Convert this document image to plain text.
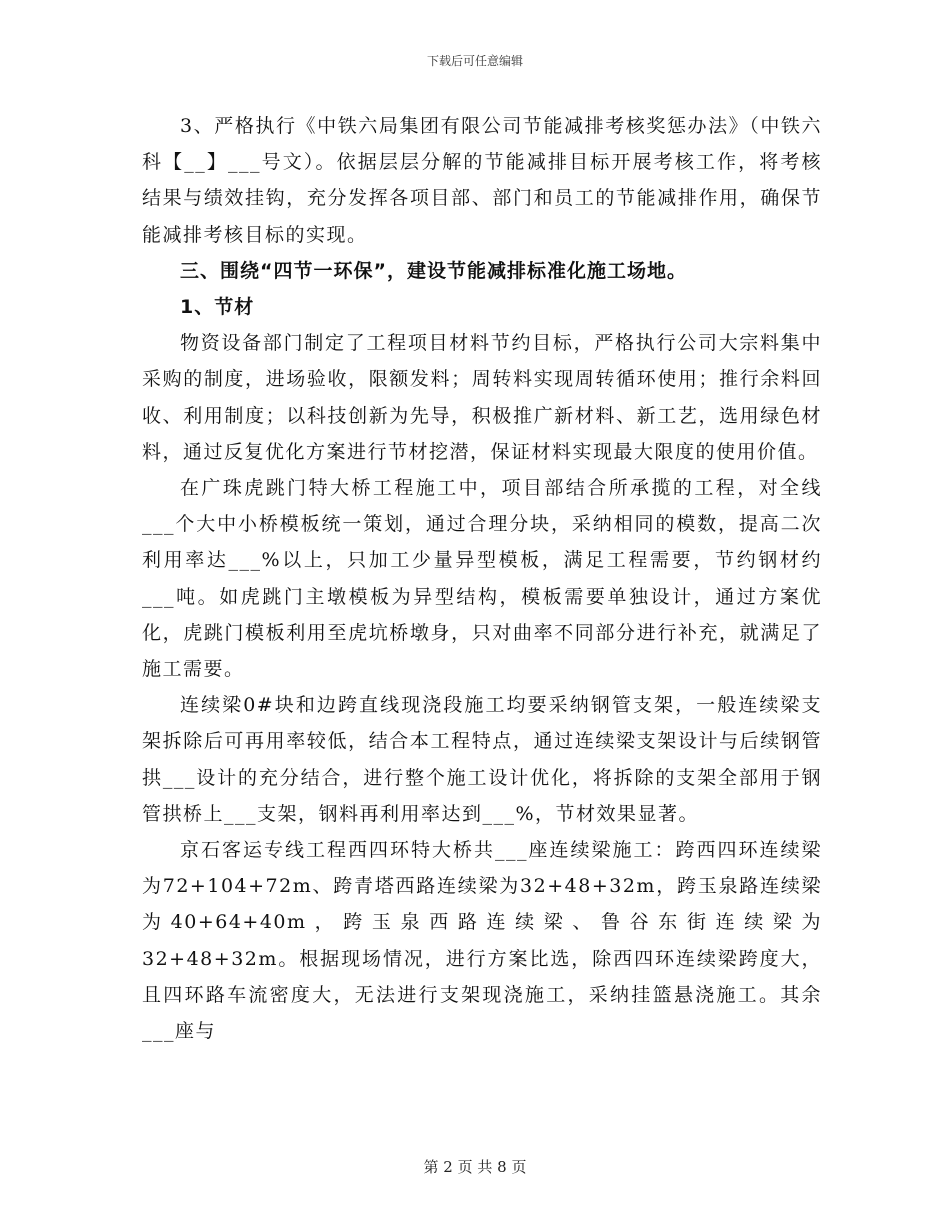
下载后可任意编辑

3、严格执行《中铁六局集团有限公司节能减排考核奖惩办法》（中铁六科【__】___号文）。依据层层分解的节能减排目标开展考核工作，将考核结果与绩效挂钩，充分发挥各项目部、部门和员工的节能减排作用，确保节能减排考核目标的实现。

三、围绕“四节一环保”，建设节能减排标准化施工场地。

1、节材

物资设备部门制定了工程项目材料节约目标，严格执行公司大宗料集中采购的制度，进场验收，限额发料；周转料实现周转循环使用；推行余料回收、利用制度；以科技创新为先导，积极推广新材料、新工艺，选用绿色材料，通过反复优化方案进行节材挖潜，保证材料实现最大限度的使用价值。

在广珠虎跳门特大桥工程施工中，项目部结合所承揽的工程，对全线___个大中小桥模板统一策划，通过合理分块，采纳相同的模数，提高二次利用率达___%以上，只加工少量异型模板，满足工程需要，节约钢材约___吨。如虎跳门主墩模板为异型结构，模板需要单独设计，通过方案优化，虎跳门模板利用至虎坑桥墩身，只对曲率不同部分进行补充，就满足了施工需要。

连续梁0#块和边跨直线现浇段施工均要采纳钢管支架，一般连续梁支架拆除后可再用率较低，结合本工程特点，通过连续梁支架设计与后续钢管拱___设计的充分结合，进行整个施工设计优化，将拆除的支架全部用于钢管拱桥上___支架，钢料再利用率达到___%，节材效果显著。

京石客运专线工程西四环特大桥共___座连续梁施工：跨西四环连续梁为72+104+72m、跨青塔西路连续梁为32+48+32m，跨玉泉路连续梁为40+64+40m，跨玉泉西路连续梁、鲁谷东街连续梁为32+48+32m。根据现场情况，进行方案比选，除西四环连续梁跨度大，且四环路车流密度大，无法进行支架现浇施工，采纳挂篮悬浇施工。其余___座与

第 2 页 共 8 页
